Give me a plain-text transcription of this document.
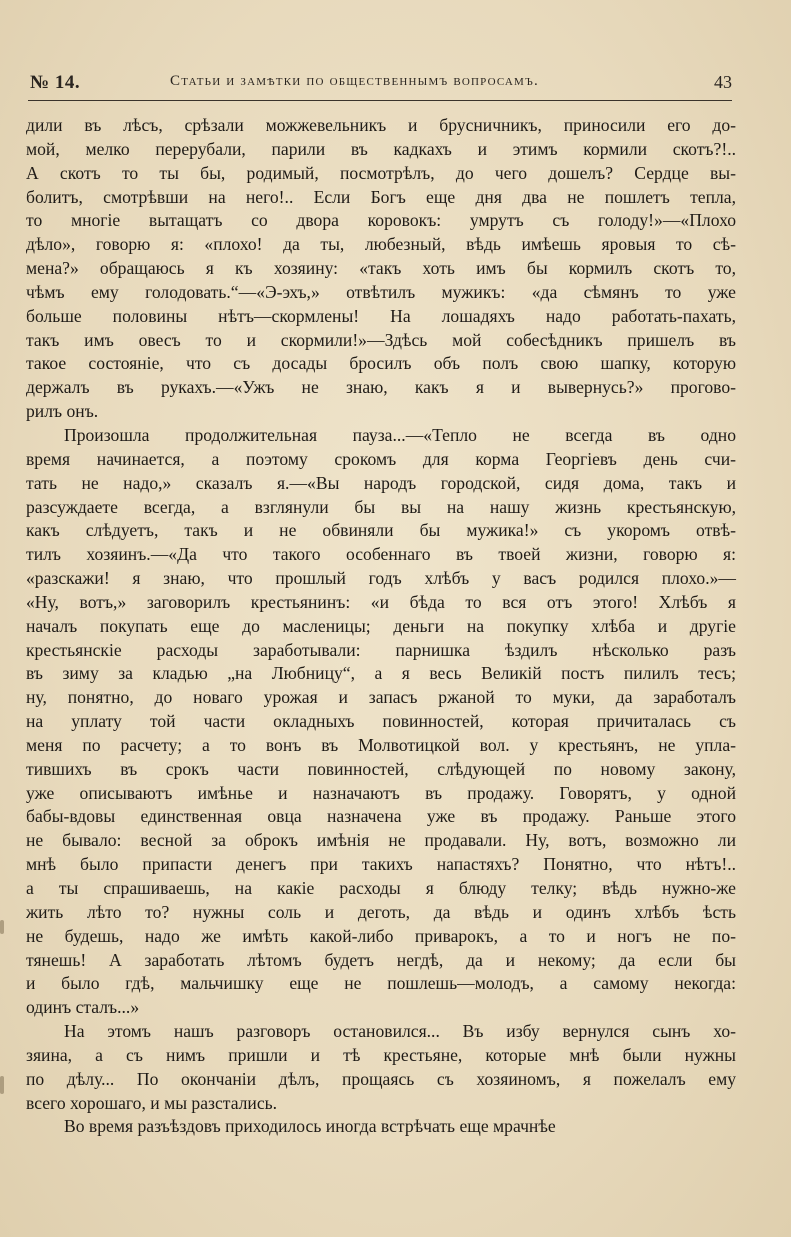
№ 14.	Статьи и замѣтки по общественнымъ вопросамъ.	43
дили въ лѣсъ, срѣзали можжевельникъ и брусничникъ, приносили его до-
мой, мелко перерубали, парили въ кадкахъ и этимъ кормили скотъ?!..
А скотъ то ты бы, родимый, посмотрѣлъ, до чего дошелъ? Сердце вы-
болитъ, смотрѣвши на него!.. Если Богъ еще дня два не пошлетъ тепла,
то многіе вытащатъ со двора коровокъ: умрутъ съ голоду!»—«Плохо
дѣло», говорю я: «плохо! да ты, любезный, вѣдь имѣешь яровыя то сѣ-
мена?» обращаюсь я къ хозяину: «такъ хоть имъ бы кормилъ скотъ то,
чѣмъ ему голодовать.“—«Э-эхъ,» отвѣтилъ мужикъ: «да сѣмянъ то уже
больше половины нѣтъ—скормлены! На лошадяхъ надо работать-пахать,
такъ имъ овесъ то и скормили!»—Здѣсь мой собесѣдникъ пришелъ въ
такое состояніе, что съ досады бросилъ объ полъ свою шапку, которую
держалъ въ рукахъ.—«Ужъ не знаю, какъ я и вывернусь?» прогово-
рилъ онъ.
Произошла продолжительная пауза...—«Тепло не всегда въ одно
время начинается, а поэтому срокомъ для корма Георгіевъ день счи-
тать не надо,» сказалъ я.—«Вы народъ городской, сидя дома, такъ и
разсуждаете всегда, а взглянули бы вы на нашу жизнь крестьянскую,
какъ слѣдуетъ, такъ и не обвиняли бы мужика!» съ укоромъ отвѣ-
тилъ хозяинъ.—«Да что такого особеннаго въ твоей жизни, говорю я:
«разскажи! я знаю, что прошлый годъ хлѣбъ у васъ родился плохо.»—
«Ну, вотъ,» заговорилъ крестьянинъ: «и бѣда то вся отъ этого! Хлѣбъ я
началъ покупать еще до масленицы; деньги на покупку хлѣба и другіе
крестьянскіе расходы заработывали: парнишка ѣздилъ нѣсколько разъ
въ зиму за кладью „на Любницу“, а я весь Великій постъ пилилъ тесъ;
ну, понятно, до новаго урожая и запасъ ржаной то муки, да заработалъ
на уплату той части окладныхъ повинностей, которая причиталась съ
меня по расчету; а то вонъ въ Молвотицкой вол. у крестьянъ, не упла-
тившихъ въ срокъ части повинностей, слѣдующей по новому закону,
уже описываютъ имѣнье и назначаютъ въ продажу. Говорятъ, у одной
бабы-вдовы единственная овца назначена уже въ продажу. Раньше этого
не бывало: весной за оброкъ имѣнія не продавали. Ну, вотъ, возможно ли
мнѣ было припасти денегъ при такихъ напастяхъ? Понятно, что нѣтъ!..
а ты спрашиваешь, на какіе расходы я блюду телку; вѣдь нужно-же
жить лѣто то? нужны соль и деготь, да вѣдь и одинъ хлѣбъ ѣсть
не будешь, надо же имѣть какой-либо приварокъ, а то и ногъ не по-
тянешь! А заработать лѣтомъ будетъ негдѣ, да и некому; да если бы
и было гдѣ, мальчишку еще не пошлешь—молодъ, а самому некогда:
одинъ сталъ...»
На этомъ нашъ разговоръ остановился... Въ избу вернулся сынъ хо-
зяина, а съ нимъ пришли и тѣ крестьяне, которые мнѣ были нужны
по дѣлу... По окончаніи дѣлъ, прощаясь съ хозяиномъ, я пожелалъ ему
всего хорошаго, и мы разстались.
Во время разъѣздовъ приходилось иногда встрѣчать еще мрачнѣе
